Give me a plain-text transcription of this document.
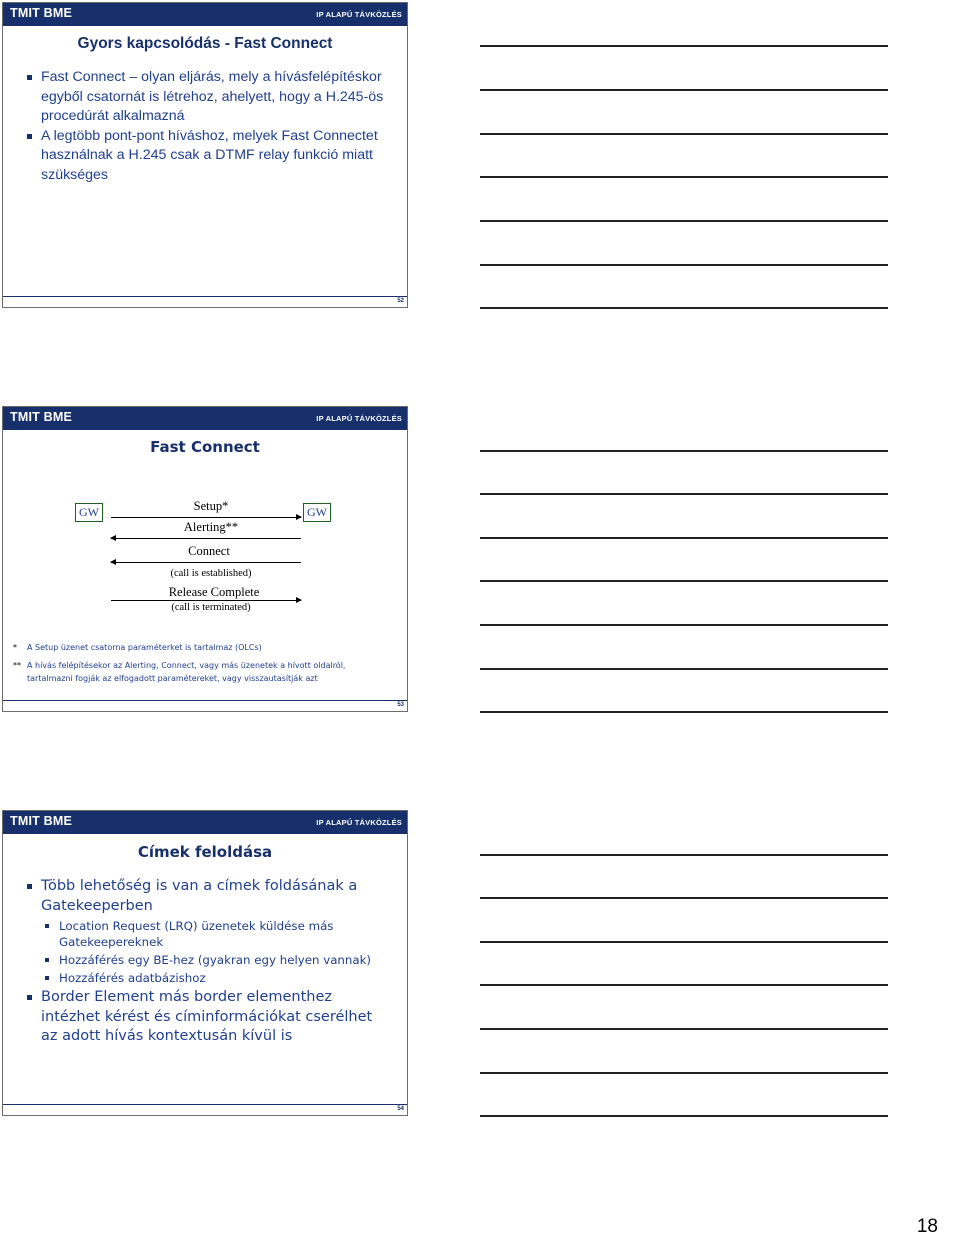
TMIT BME	IP ALAPÚ TÁVKÖZLÉS
Gyors kapcsolódás - Fast Connect
Fast Connect – olyan eljárás, mely a hívásfelépítéskor egyből csatornát is létrehoz, ahelyett, hogy a H.245-ös procedúrát alkalmazná
A legtöbb pont-pont híváshoz, melyek Fast Connectet használnak a H.245 csak a DTMF relay funkció miatt szükséges
52
TMIT BME	IP ALAPÚ TÁVKÖZLÉS
Fast Connect
GW	GW
Setup*
Alerting**
Connect
(call is established)
Release Complete
(call is terminated)
* A Setup üzenet csatorna paraméterket is tartalmaz (OLCs)
** A hívás felépítésekor az Alerting, Connect, vagy más üzenetek a hívott oldalról, tartalmazni fogják az elfogadott paramétereket, vagy visszautasítják azt
53
TMIT BME	IP ALAPÚ TÁVKÖZLÉS
Címek feloldása
Több lehetőség is van a címek foldásának a Gatekeeperben
Location Request (LRQ) üzenetek küldése más Gatekeepereknek
Hozzáférés egy BE-hez (gyakran egy helyen vannak)
Hozzáférés adatbázishoz
Border Element más border elementhez intézhet kérést és címinformációkat cserélhet az adott hívás kontextusán kívül is
54
18
